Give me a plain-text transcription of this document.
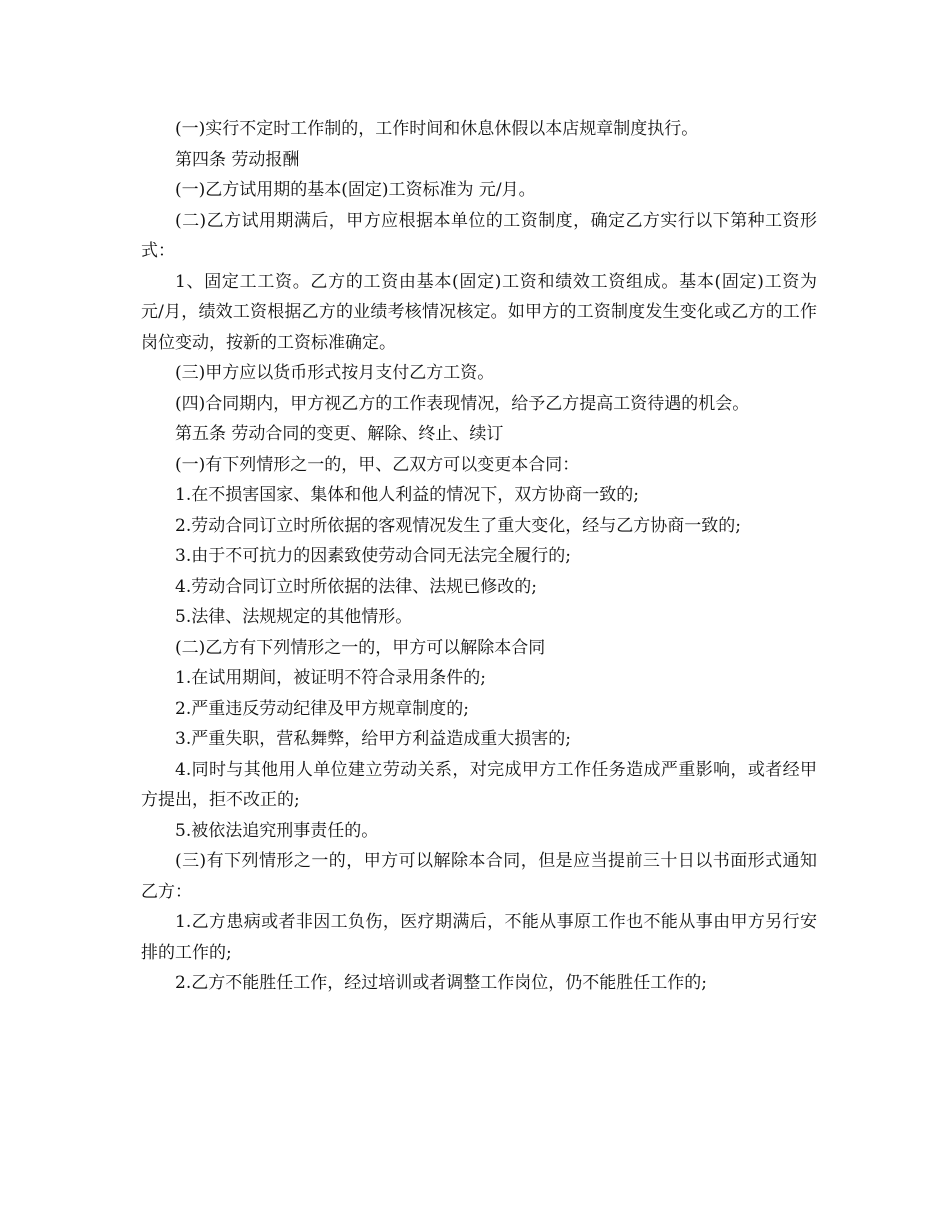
(一)实行不定时工作制的，工作时间和休息休假以本店规章制度执行。

第四条 劳动报酬

(一)乙方试用期的基本(固定)工资标准为 元/月。

(二)乙方试用期满后，甲方应根据本单位的工资制度，确定乙方实行以下第种工资形式：

1、固定工工资。乙方的工资由基本(固定)工资和绩效工资组成。基本(固定)工资为 元/月，绩效工资根据乙方的业绩考核情况核定。如甲方的工资制度发生变化或乙方的工作岗位变动，按新的工资标准确定。

(三)甲方应以货币形式按月支付乙方工资。

(四)合同期内，甲方视乙方的工作表现情况，给予乙方提高工资待遇的机会。

第五条 劳动合同的变更、解除、终止、续订

(一)有下列情形之一的，甲、乙双方可以变更本合同：

1.在不损害国家、集体和他人利益的情况下，双方协商一致的;

2.劳动合同订立时所依据的客观情况发生了重大变化，经与乙方协商一致的;

3.由于不可抗力的因素致使劳动合同无法完全履行的;

4.劳动合同订立时所依据的法律、法规已修改的;

5.法律、法规规定的其他情形。

(二)乙方有下列情形之一的，甲方可以解除本合同

1.在试用期间，被证明不符合录用条件的;

2.严重违反劳动纪律及甲方规章制度的;

3.严重失职，营私舞弊，给甲方利益造成重大损害的;

4.同时与其他用人单位建立劳动关系，对完成甲方工作任务造成严重影响，或者经甲方提出，拒不改正的;

5.被依法追究刑事责任的。

(三)有下列情形之一的，甲方可以解除本合同，但是应当提前三十日以书面形式通知乙方：

1.乙方患病或者非因工负伤，医疗期满后，不能从事原工作也不能从事由甲方另行安排的工作的;

2.乙方不能胜任工作，经过培训或者调整工作岗位，仍不能胜任工作的;
